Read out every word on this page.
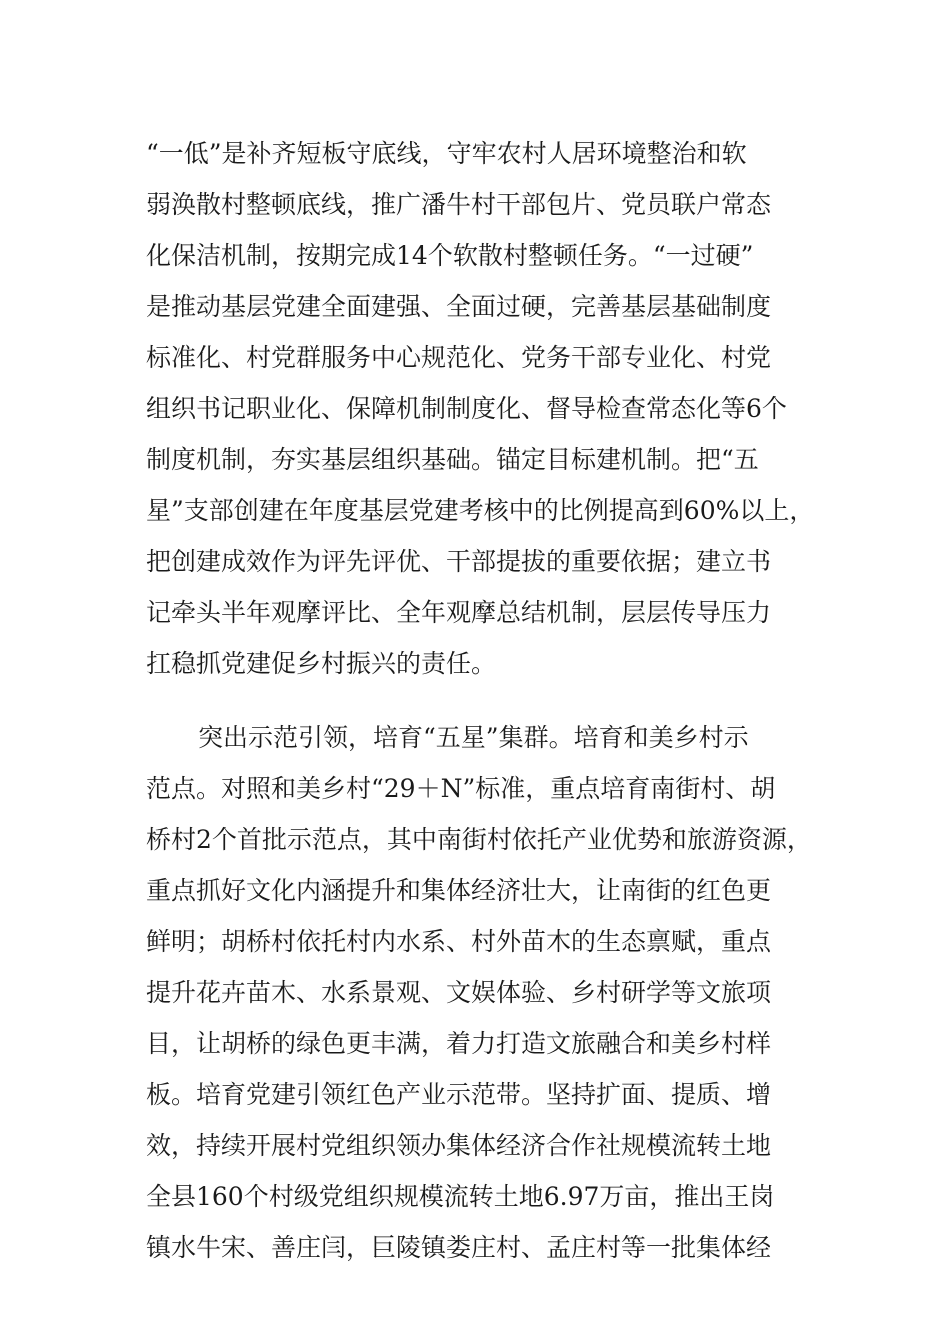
“一低”是补齐短板守底线，守牢农村人居环境整治和软
弱涣散村整顿底线，推广潘牛村干部包片、党员联户常态
化保洁机制，按期完成14个软散村整顿任务。“一过硬”
是推动基层党建全面建强、全面过硬，完善基层基础制度
标准化、村党群服务中心规范化、党务干部专业化、村党
组织书记职业化、保障机制制度化、督导检查常态化等6个
制度机制，夯实基层组织基础。锚定目标建机制。把“五
星”支部创建在年度基层党建考核中的比例提高到60%以上，
把创建成效作为评先评优、干部提拔的重要依据；建立书
记牵头半年观摩评比、全年观摩总结机制，层层传导压力
扛稳抓党建促乡村振兴的责任。
突出示范引领，培育“五星”集群。培育和美乡村示
范点。对照和美乡村“29＋N”标准，重点培育南街村、胡
桥村2个首批示范点，其中南街村依托产业优势和旅游资源，
重点抓好文化内涵提升和集体经济壮大，让南街的红色更
鲜明；胡桥村依托村内水系、村外苗木的生态禀赋，重点
提升花卉苗木、水系景观、文娱体验、乡村研学等文旅项
目，让胡桥的绿色更丰满，着力打造文旅融合和美乡村样
板。培育党建引领红色产业示范带。坚持扩面、提质、增
效，持续开展村党组织领办集体经济合作社规模流转土地
全县160个村级党组织规模流转土地6.97万亩，推出王岗
镇水牛宋、善庄闫，巨陵镇娄庄村、孟庄村等一批集体经
